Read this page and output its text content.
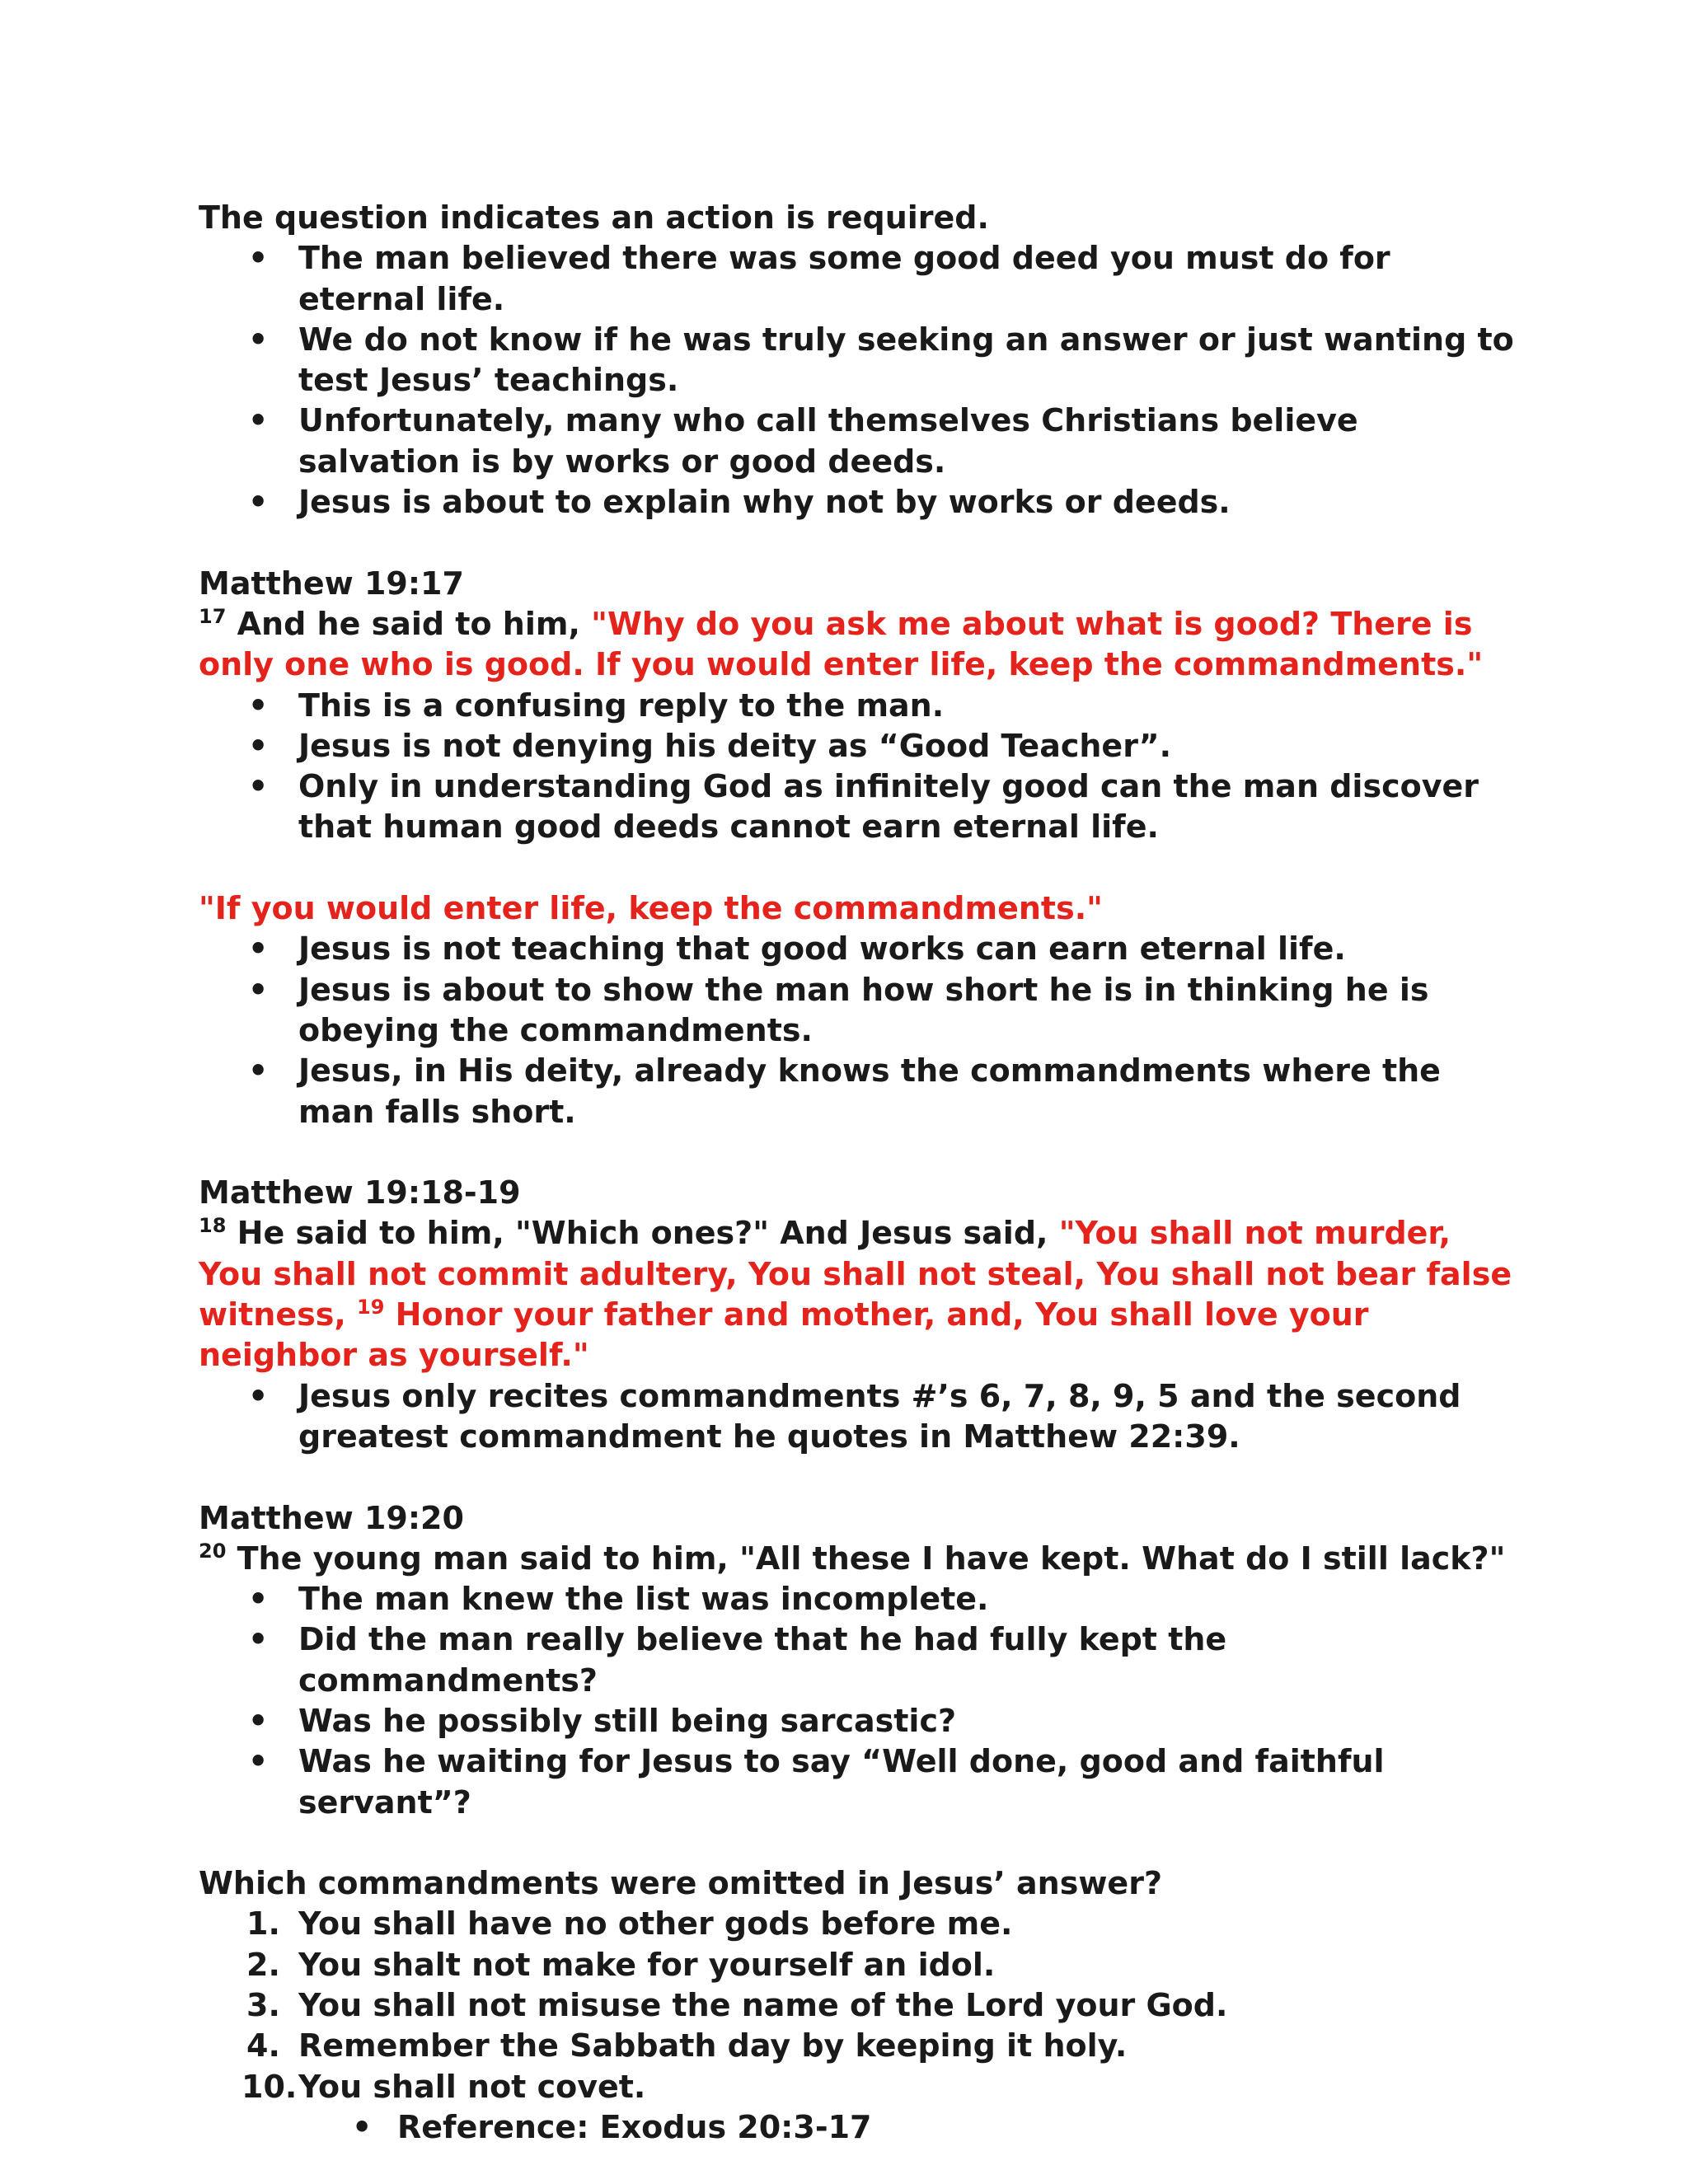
The question indicates an action is required.

• The man believed there was some good deed you must do for eternal life.
• We do not know if he was truly seeking an answer or just wanting to test Jesus’ teachings.
• Unfortunately, many who call themselves Christians believe salvation is by works or good deeds.
• Jesus is about to explain why not by works or deeds.

Matthew 19:17

$^{17}$ And he said to him, "Why do you ask me about what is good? There is only one who is good. If you would enter life, keep the commandments."

• This is a confusing reply to the man.
• Jesus is not denying his deity as “Good Teacher”.
• Only in understanding God as infinitely good can the man discover that human good deeds cannot earn eternal life.

"If you would enter life, keep the commandments."

• Jesus is not teaching that good works can earn eternal life.
• Jesus is about to show the man how short he is in thinking he is obeying the commandments.
• Jesus, in His deity, already knows the commandments where the man falls short.

Matthew 19:18-19

$^{18}$ He said to him, "Which ones?" And Jesus said, "You shall not murder, You shall not commit adultery, You shall not steal, You shall not bear false witness, $^{19}$ Honor your father and mother, and, You shall love your neighbor as yourself."

• Jesus only recites commandments #’s 6, 7, 8, 9, 5 and the second greatest commandment he quotes in Matthew 22:39.

Matthew 19:20

$^{20}$ The young man said to him, "All these I have kept. What do I still lack?"

• The man knew the list was incomplete.
• Did the man really believe that he had fully kept the commandments?
• Was he possibly still being sarcastic?
• Was he waiting for Jesus to say “Well done, good and faithful servant”?

Which commandments were omitted in Jesus’ answer?

1. You shall have no other gods before me.
2. You shalt not make for yourself an idol.
3. You shall not misuse the name of the Lord your God.
4. Remember the Sabbath day by keeping it holy.
10. You shall not covet.
• Reference: Exodus 20:3-17
